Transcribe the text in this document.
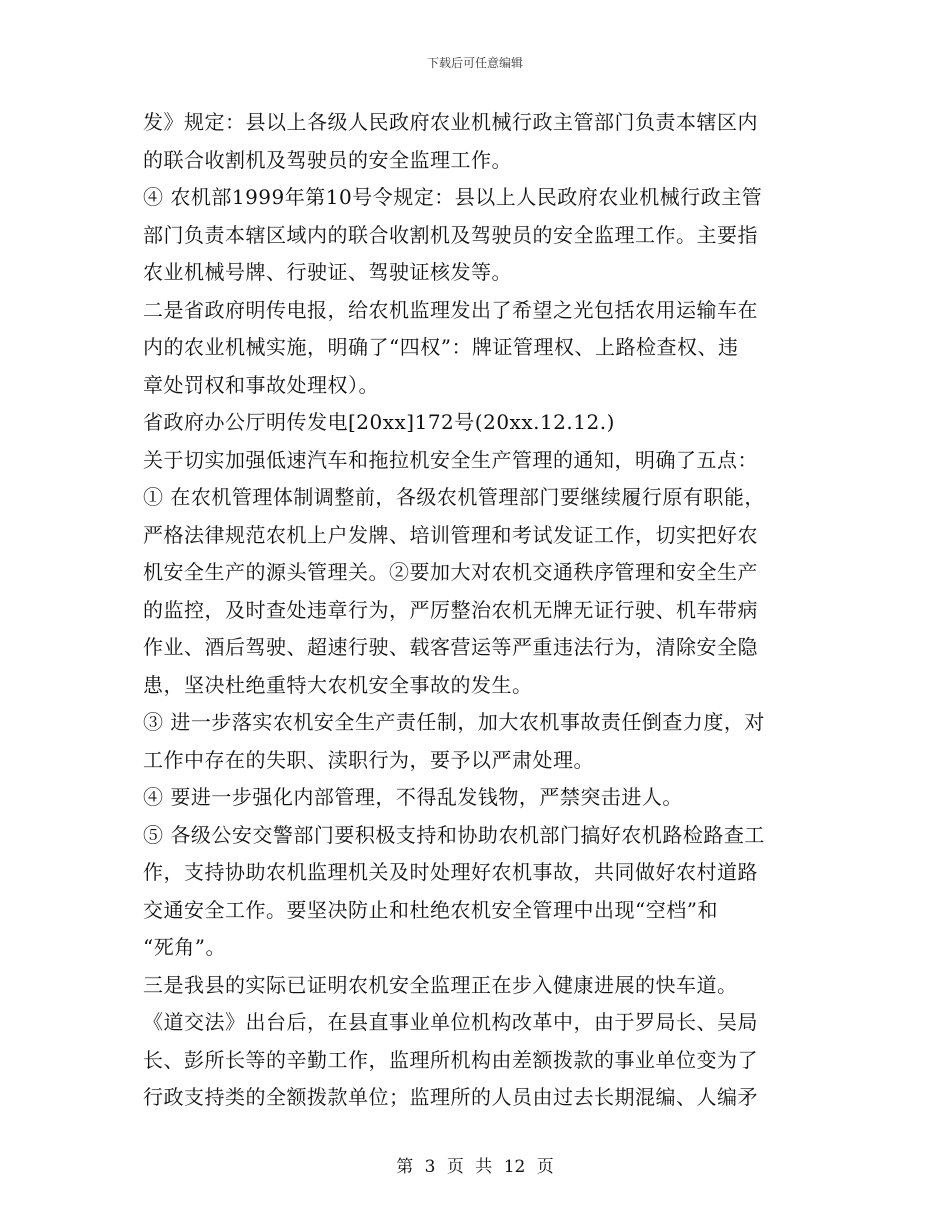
下载后可任意编辑
发》规定：县以上各级人民政府农业机械行政主管部门负责本辖区内
的联合收割机及驾驶员的安全监理工作。
④ 农机部1999年第10号令规定：县以上人民政府农业机械行政主管
部门负责本辖区域内的联合收割机及驾驶员的安全监理工作。主要指
农业机械号牌、行驶证、驾驶证核发等。
二是省政府明传电报，给农机监理发出了希望之光包括农用运输车在
内的农业机械实施，明确了“四权”：牌证管理权、上路检查权、违
章处罚权和事故处理权）。
省政府办公厅明传发电[20xx]172号(20xx.12.12.)
关于切实加强低速汽车和拖拉机安全生产管理的通知，明确了五点：
① 在农机管理体制调整前，各级农机管理部门要继续履行原有职能，
严格法律规范农机上户发牌、培训管理和考试发证工作，切实把好农
机安全生产的源头管理关。②要加大对农机交通秩序管理和安全生产
的监控，及时查处违章行为，严厉整治农机无牌无证行驶、机车带病
作业、酒后驾驶、超速行驶、载客营运等严重违法行为，清除安全隐
患，坚决杜绝重特大农机安全事故的发生。
③ 进一步落实农机安全生产责任制，加大农机事故责任倒查力度，对
工作中存在的失职、渎职行为，要予以严肃处理。
④ 要进一步强化内部管理，不得乱发钱物，严禁突击进人。
⑤ 各级公安交警部门要积极支持和协助农机部门搞好农机路检路查工
作，支持协助农机监理机关及时处理好农机事故，共同做好农村道路
交通安全工作。要坚决防止和杜绝农机安全管理中出现“空档”和
“死角”。
三是我县的实际已证明农机安全监理正在步入健康进展的快车道。
《道交法》出台后，在县直事业单位机构改革中，由于罗局长、吴局
长、彭所长等的辛勤工作，监理所机构由差额拨款的事业单位变为了
行政支持类的全额拨款单位；监理所的人员由过去长期混编、人编矛
第 3 页 共 12 页
